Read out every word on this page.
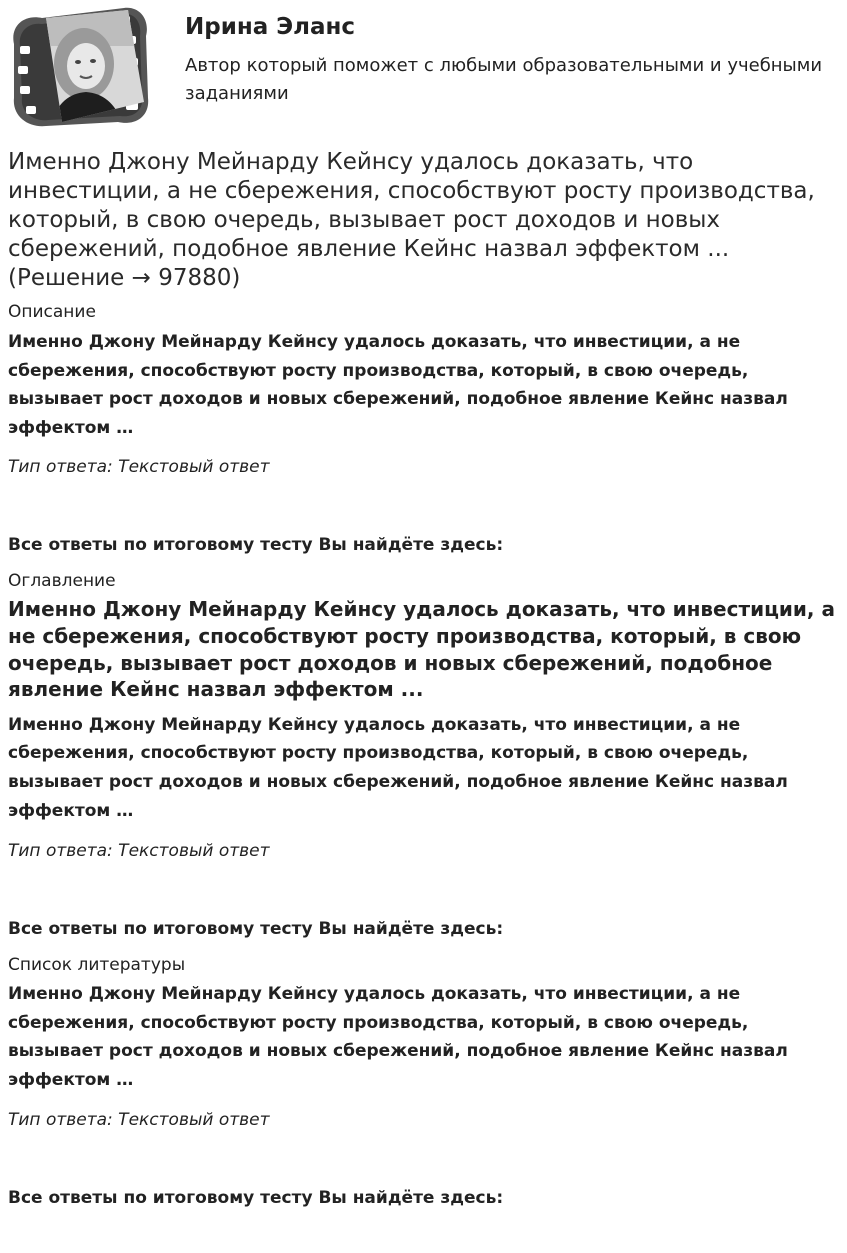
Ирина Эланс

Автор который поможет с любыми образовательными и учебными заданиями

Именно Джону Мейнарду Кейнсу удалось доказать, что инвестиции, а не сбережения, способствуют росту производства, который, в свою очередь, вызывает рост доходов и новых сбережений, подобное явление Кейнс назвал эффектом ... (Решение → 97880)

Описание

Именно Джону Мейнарду Кейнсу удалось доказать, что инвестиции, а не сбережения, способствуют росту производства, который, в свою очередь, вызывает рост доходов и новых сбережений, подобное явление Кейнс назвал эффектом …

Тип ответа: Текстовый ответ

Все ответы по итоговому тесту Вы найдёте здесь:

Оглавление

Именно Джону Мейнарду Кейнсу удалось доказать, что инвестиции, а не сбережения, способствуют росту производства, который, в свою очередь, вызывает рост доходов и новых сбережений, подобное явление Кейнс назвал эффектом ...

Именно Джону Мейнарду Кейнсу удалось доказать, что инвестиции, а не сбережения, способствуют росту производства, который, в свою очередь, вызывает рост доходов и новых сбережений, подобное явление Кейнс назвал эффектом …

Тип ответа: Текстовый ответ

Все ответы по итоговому тесту Вы найдёте здесь:

Список литературы

Именно Джону Мейнарду Кейнсу удалось доказать, что инвестиции, а не сбережения, способствуют росту производства, который, в свою очередь, вызывает рост доходов и новых сбережений, подобное явление Кейнс назвал эффектом …

Тип ответа: Текстовый ответ

Все ответы по итоговому тесту Вы найдёте здесь:
